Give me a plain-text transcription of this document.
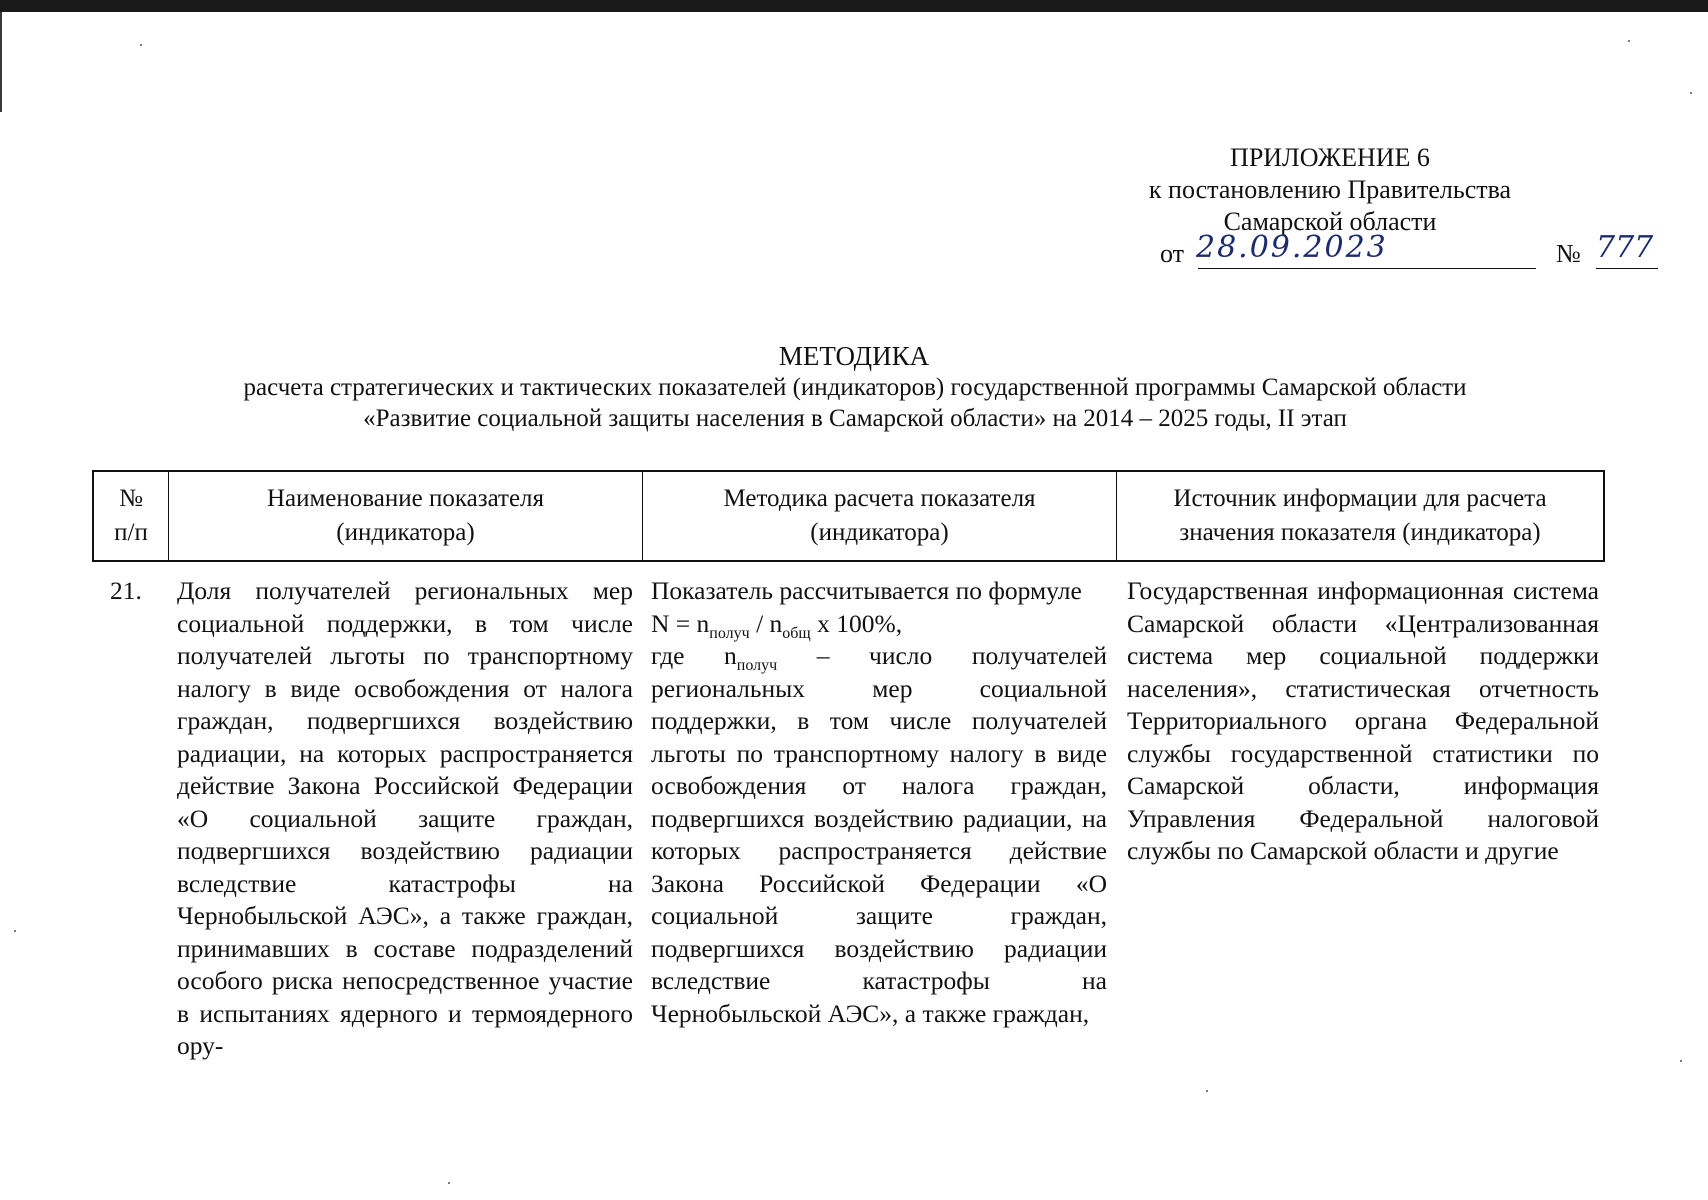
ПРИЛОЖЕНИЕ 6
к постановлению Правительства
Самарской области
от 28.09.2023	№ 777
МЕТОДИКА
расчета стратегических и тактических показателей (индикаторов) государственной программы Самарской области
«Развитие социальной защиты населения в Самарской области» на 2014 – 2025 годы, II этап
№
п/п
Наименование показателя
(индикатора)
Методика расчета показателя
(индикатора)
Источник информации для расчета
значения показателя (индикатора)
21.	Доля получателей региональных мер социальной поддержки, в том числе получателей льготы по транспортному налогу в виде освобождения от налога граждан, подвергшихся воздействию радиации, на которых распространяется действие Закона Российской Федерации «О социальной защите граждан, подвергшихся воздействию радиации вследствие катастрофы на Чернобыльской АЭС», а также граждан, принимавших в составе подразделений особого риска непосредственное участие в испытаниях ядерного и термоядерного ору-

Показатель рассчитывается по формуле

$N = n_{получ} / n_{общ}$ х 100%,

где $n_{получ}$ – число получателей региональных мер социальной поддержки, в том числе получателей льготы по транспортному налогу в виде освобождения от налога граждан, подвергшихся воздействию радиации, на которых распространяется действие Закона Российской Федерации «О социальной защите граждан, подвергшихся воздействию радиации вследствие катастрофы на Чернобыльской АЭС», а также граждан,

Государственная информационная система Самарской области «Централизованная система мер социальной поддержки населения», статистическая отчетность Территориального органа Федеральной службы государственной статистики по Самарской области, информация Управления Федеральной налоговой службы по Самарской области и другие
